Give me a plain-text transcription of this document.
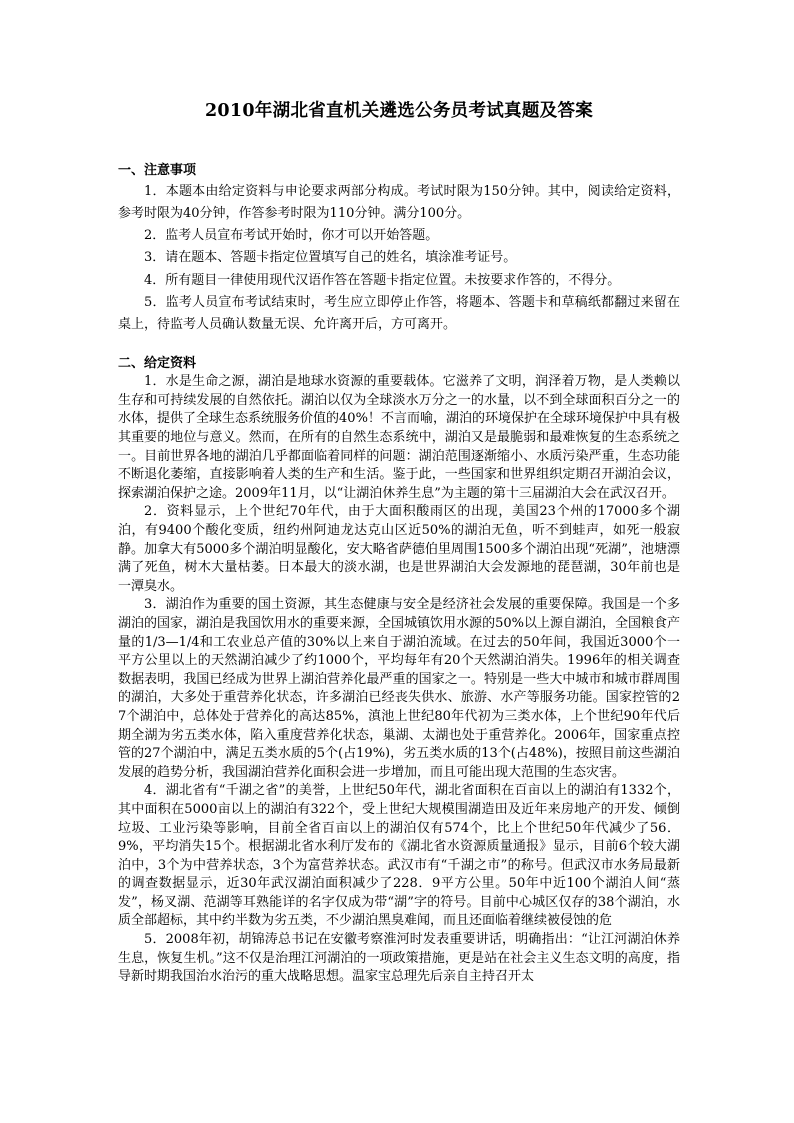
2010年湖北省直机关遴选公务员考试真题及答案
一、注意事项

1．本题本由给定资料与申论要求两部分构成。考试时限为150分钟。其中，阅读给定资料，参考时限为40分钟，作答参考时限为110分钟。满分100分。

2．监考人员宣布考试开始时，你才可以开始答题。

3．请在题本、答题卡指定位置填写自己的姓名，填涂准考证号。

4．所有题目一律使用现代汉语作答在答题卡指定位置。未按要求作答的，不得分。

5．监考人员宣布考试结束时，考生应立即停止作答，将题本、答题卡和草稿纸都翻过来留在桌上，待监考人员确认数量无误、允许离开后，方可离开。

二、给定资料

1．水是生命之源，湖泊是地球水资源的重要载体。它滋养了文明，润泽着万物，是人类赖以生存和可持续发展的自然依托。湖泊以仅为全球淡水万分之一的水量，以不到全球面积百分之一的水体，提供了全球生态系统服务价值的40%！不言而喻，湖泊的环境保护在全球环境保护中具有极其重要的地位与意义。然而，在所有的自然生态系统中，湖泊又是最脆弱和最难恢复的生态系统之一。目前世界各地的湖泊几乎都面临着同样的问题：湖泊范围逐渐缩小、水质污染严重，生态功能不断退化萎缩，直接影响着人类的生产和生活。鉴于此，一些国家和世界组织定期召开湖泊会议，探索湖泊保护之途。2009年11月，以“让湖泊休养生息”为主题的第十三届湖泊大会在武汉召开。

2．资料显示，上个世纪70年代，由于大面积酸雨区的出现，美国23个州的17000多个湖泊，有9400个酸化变质，纽约州阿迪龙达克山区近50%的湖泊无鱼，听不到蛙声，如死一般寂静。加拿大有5000多个湖泊明显酸化，安大略省萨德伯里周围1500多个湖泊出现“死湖”，池塘漂满了死鱼，树木大量枯萎。日本最大的淡水湖，也是世界湖泊大会发源地的琵琶湖，30年前也是一潭臭水。

3．湖泊作为重要的国土资源，其生态健康与安全是经济社会发展的重要保障。我国是一个多湖泊的国家，湖泊是我国饮用水的重要来源，全国城镇饮用水源的50%以上源自湖泊，全国粮食产量的1/3—1/4和工农业总产值的30%以上来自于湖泊流域。在过去的50年间，我国近3000个一平方公里以上的天然湖泊减少了约1000个，平均每年有20个天然湖泊消失。1996年的相关调查数据表明，我国已经成为世界上湖泊营养化最严重的国家之一。特别是一些大中城市和城市群周围的湖泊，大多处于重营养化状态，许多湖泊已经丧失供水、旅游、水产等服务功能。国家控管的27个湖泊中，总体处于营养化的高达85%，滇池上世纪80年代初为三类水体，上个世纪90年代后期全湖为劣五类水体，陷入重度营养化状态，巢湖、太湖也处于重营养化。2006年，国家重点控管的27个湖泊中，满足五类水质的5个(占19%)，劣五类水质的13个(占48%)，按照目前这些湖泊发展的趋势分析，我国湖泊营养化面积会进一步增加，而且可能出现大范围的生态灾害。

4．湖北省有“千湖之省”的美誉，上世纪50年代，湖北省面积在百亩以上的湖泊有1332个，其中面积在5000亩以上的湖泊有322个，受上世纪大规模围湖造田及近年来房地产的开发、倾倒垃圾、工业污染等影响，目前全省百亩以上的湖泊仅有574个，比上个世纪50年代减少了56．9%，平均消失15个。根据湖北省水利厅发布的《湖北省水资源质量通报》显示，目前6个较大湖泊中，3个为中营养状态，3个为富营养状态。武汉市有“千湖之市”的称号。但武汉市水务局最新的调查数据显示，近30年武汉湖泊面积减少了228．9平方公里。50年中近100个湖泊人间“蒸发”，杨叉湖、范湖等耳熟能详的名字仅成为带“湖”字的符号。目前中心城区仅存的38个湖泊，水质全部超标，其中约半数为劣五类，不少湖泊黑臭难闻，而且还面临着继续被侵蚀的危

5．2008年初，胡锦涛总书记在安徽考察淮河时发表重要讲话，明确指出：“让江河湖泊休养生息，恢复生机。”这不仅是治理江河湖泊的一项政策措施，更是站在社会主义生态文明的高度，指导新时期我国治水治污的重大战略思想。温家宝总理先后亲自主持召开太
